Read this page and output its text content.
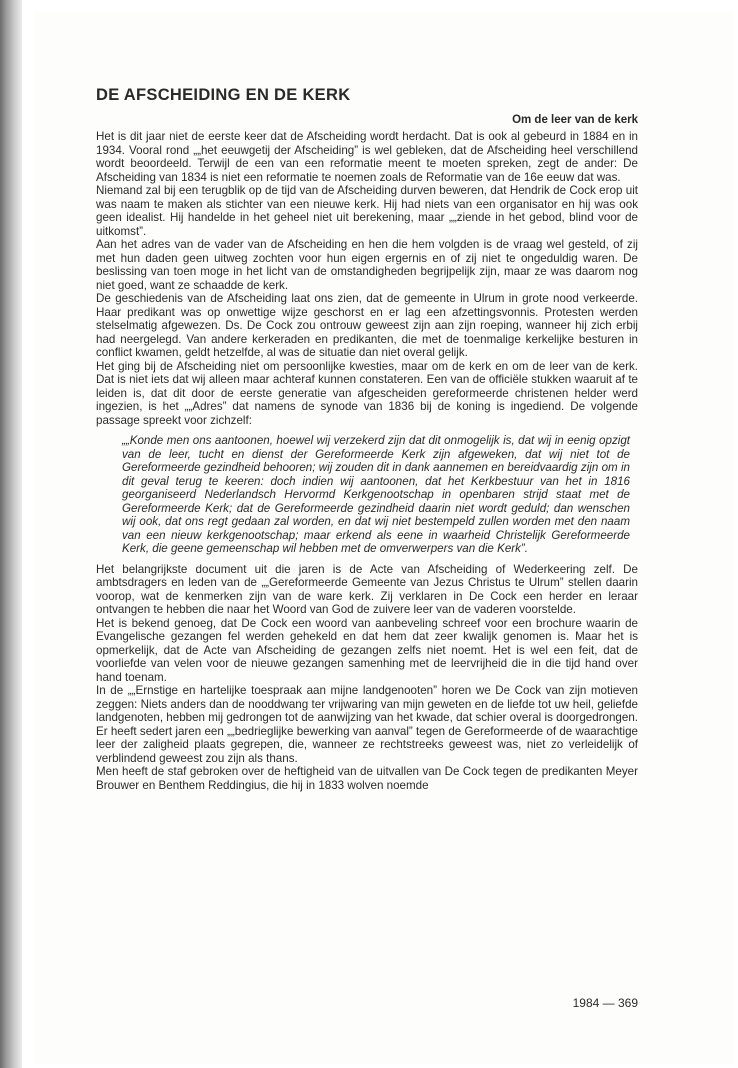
DE AFSCHEIDING EN DE KERK
Om de leer van de kerk

Het is dit jaar niet de eerste keer dat de Afscheiding wordt herdacht. Dat is ook al gebeurd in 1884 en in 1934. Vooral rond „„het eeuwgetij der Afscheiding” is wel gebleken, dat de Afscheiding heel verschillend wordt beoordeeld. Terwijl de een van een reformatie meent te moeten spreken, zegt de ander: De Afscheiding van 1834 is niet een reformatie te noemen zoals de Reformatie van de 16e eeuw dat was.

Niemand zal bij een terugblik op de tijd van de Afscheiding durven beweren, dat Hendrik de Cock erop uit was naam te maken als stichter van een nieuwe kerk. Hij had niets van een organisator en hij was ook geen idealist. Hij handelde in het geheel niet uit berekening, maar „„ziende in het gebod, blind voor de uitkomst”.

Aan het adres van de vader van de Afscheiding en hen die hem volgden is de vraag wel gesteld, of zij met hun daden geen uitweg zochten voor hun eigen ergernis en of zij niet te ongeduldig waren. De beslissing van toen moge in het licht van de omstandigheden begrijpelijk zijn, maar ze was daarom nog niet goed, want ze schaadde de kerk.

De geschiedenis van de Afscheiding laat ons zien, dat de gemeente in Ulrum in grote nood verkeerde. Haar predikant was op onwettige wijze geschorst en er lag een afzettingsvonnis. Protesten werden stelselmatig afgewezen. Ds. De Cock zou ontrouw geweest zijn aan zijn roeping, wanneer hij zich erbij had neergelegd. Van andere kerkeraden en predikanten, die met de toenmalige kerkelijke besturen in conflict kwamen, geldt hetzelfde, al was de situatie dan niet overal gelijk.

Het ging bij de Afscheiding niet om persoonlijke kwesties, maar om de kerk en om de leer van de kerk. Dat is niet iets dat wij alleen maar achteraf kunnen constateren. Een van de officiële stukken waaruit af te leiden is, dat dit door de eerste generatie van afgescheiden gereformeerde christenen helder werd ingezien, is het „„Adres” dat namens de synode van 1836 bij de koning is ingediend. De volgende passage spreekt voor zichzelf:

„„Konde men ons aantoonen, hoewel wij verzekerd zijn dat dit onmogelijk is, dat wij in eenig opzigt van de leer, tucht en dienst der Gereformeerde Kerk zijn afgeweken, dat wij niet tot de Gereformeerde gezindheid behooren; wij zouden dit in dank aannemen en bereidvaardig zijn om in dit geval terug te keeren: doch indien wij aantoonen, dat het Kerkbestuur van het in 1816 georganiseerd Nederlandsch Hervormd Kerkgenootschap in openbaren strijd staat met de Gereformeerde Kerk; dat de Gereformeerde gezindheid daarin niet wordt geduld; dan wenschen wij ook, dat ons regt gedaan zal worden, en dat wij niet bestempeld zullen worden met den naam van een nieuw kerkgenootschap; maar erkend als eene in waarheid Christelijk Gereformeerde Kerk, die geene gemeenschap wil hebben met de omverwerpers van die Kerk”.

Het belangrijkste document uit die jaren is de Acte van Afscheiding of Wederkeering zelf. De ambtsdragers en leden van de „„Gereformeerde Gemeente van Jezus Christus te Ulrum” stellen daarin voorop, wat de kenmerken zijn van de ware kerk. Zij verklaren in De Cock een herder en leraar ontvangen te hebben die naar het Woord van God de zuivere leer van de vaderen voorstelde.

Het is bekend genoeg, dat De Cock een woord van aanbeveling schreef voor een brochure waarin de Evangelische gezangen fel werden gehekeld en dat hem dat zeer kwalijk genomen is. Maar het is opmerkelijk, dat de Acte van Afscheiding de gezangen zelfs niet noemt. Het is wel een feit, dat de voorliefde van velen voor de nieuwe gezangen samenhing met de leervrijheid die in die tijd hand over hand toenam.

In de „„Ernstige en hartelijke toespraak aan mijne landgenooten” horen we De Cock van zijn motieven zeggen: Niets anders dan de nooddwang ter vrijwaring van mijn geweten en de liefde tot uw heil, geliefde landgenoten, hebben mij gedrongen tot de aanwijzing van het kwade, dat schier overal is doorgedrongen. Er heeft sedert jaren een „„bedrieglijke bewerking van aanval” tegen de Gereformeerde of de waarachtige leer der zaligheid plaats gegrepen, die, wanneer ze rechtstreeks geweest was, niet zo verleidelijk of verblindend geweest zou zijn als thans.

Men heeft de staf gebroken over de heftigheid van de uitvallen van De Cock tegen de predikanten Meyer Brouwer en Benthem Reddingius, die hij in 1833 wolven noemde

1984 — 369
